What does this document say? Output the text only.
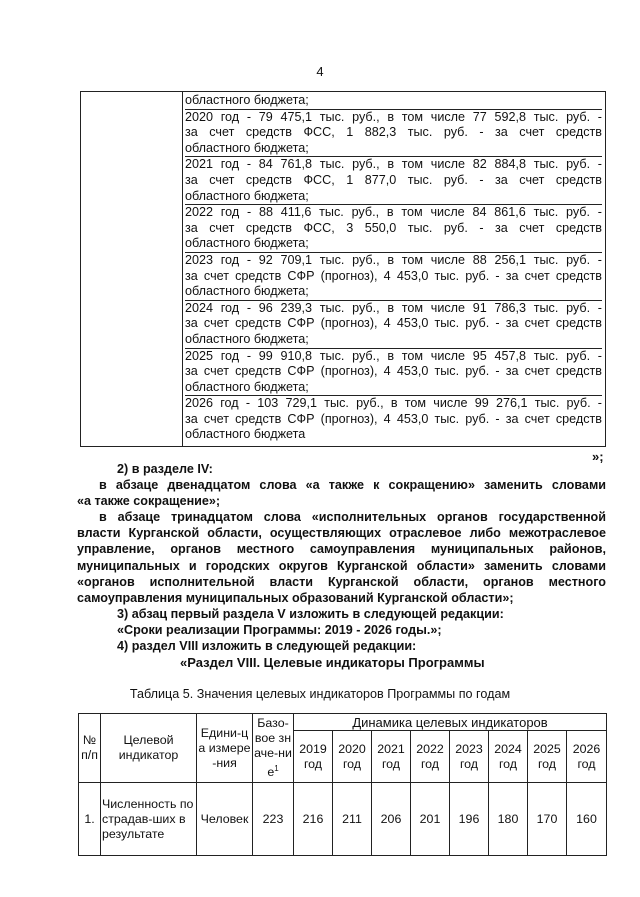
4
областного бюджета;
2020 год - 79 475,1 тыс. руб., в том числе 77 592,8 тыс. руб. -
за счет средств ФСС, 1 882,3 тыс. руб. - за счет средств
областного бюджета;
2021 год - 84 761,8 тыс. руб., в том числе 82 884,8 тыс. руб. -
за счет средств ФСС, 1 877,0 тыс. руб. - за счет средств
областного бюджета;
2022 год - 88 411,6 тыс. руб., в том числе 84 861,6 тыс. руб. -
за счет средств ФСС, 3 550,0 тыс. руб. - за счет средств
областного бюджета;
2023 год - 92 709,1 тыс. руб., в том числе 88 256,1 тыс. руб. -
за счет средств СФР (прогноз), 4 453,0 тыс. руб. - за счет средств
областного бюджета;
2024 год - 96 239,3 тыс. руб., в том числе 91 786,3 тыс. руб. -
за счет средств СФР (прогноз), 4 453,0 тыс. руб. - за счет средств
областного бюджета;
2025 год - 99 910,8 тыс. руб., в том числе 95 457,8 тыс. руб. -
за счет средств СФР (прогноз), 4 453,0 тыс. руб. - за счет средств
областного бюджета;
2026 год - 103 729,1 тыс. руб., в том числе 99 276,1 тыс. руб. -
за счет средств СФР (прогноз), 4 453,0 тыс. руб. - за счет средств
областного бюджета
»;
2) в разделе IV:
в абзаце двенадцатом слова «а также к сокращению» заменить словами
«а также сокращение»;
в абзаце тринадцатом слова «исполнительных органов государственной
власти Курганской области, осуществляющих отраслевое либо межотраслевое
управление, органов местного самоуправления муниципальных районов,
муниципальных и городских округов Курганской области» заменить словами
«органов исполнительной власти Курганской области, органов местного
самоуправления муниципальных образований Курганской области»;
3) абзац первый раздела V изложить в следующей редакции:
«Сроки реализации Программы: 2019 - 2026 годы.»;
4) раздел VIII изложить в следующей редакции:
«Раздел VIII. Целевые индикаторы Программы
Таблица 5. Значения целевых индикаторов Программы по годам
№ п/п	Целевой индикатор	Едини-ца измере-ния	Базо-вое значе-ние$^1$	Динамика целевых индикаторов							
				2019 год	2020 год	2021 год	2022 год	2023 год	2024 год	2025 год	2026 год
1.	Численность пострадав-ших в результате	Человек	223	216	211	206	201	196	180	170	160
